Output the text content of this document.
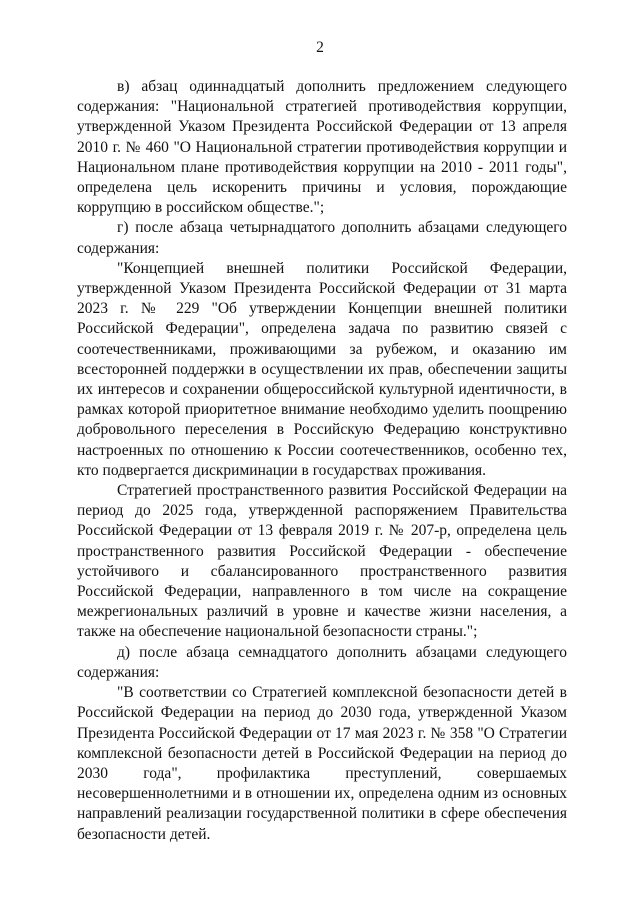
2

в) абзац одиннадцатый дополнить предложением следующего содержания: "Национальной стратегией противодействия коррупции, утвержденной Указом Президента Российской Федерации от 13 апреля 2010 г. № 460 "О Национальной стратегии противодействия коррупции и Национальном плане противодействия коррупции на 2010 - 2011 годы", определена цель искоренить причины и условия, порождающие коррупцию в российском обществе.";

г) после абзаца четырнадцатого дополнить абзацами следующего содержания:

"Концепцией внешней политики Российской Федерации, утвержденной Указом Президента Российской Федерации от 31 марта 2023 г. № 229 "Об утверждении Концепции внешней политики Российской Федерации", определена задача по развитию связей с соотечественниками, проживающими за рубежом, и оказанию им всесторонней поддержки в осуществлении их прав, обеспечении защиты их интересов и сохранении общероссийской культурной идентичности, в рамках которой приоритетное внимание необходимо уделить поощрению добровольного переселения в Российскую Федерацию конструктивно настроенных по отношению к России соотечественников, особенно тех, кто подвергается дискриминации в государствах проживания.

Стратегией пространственного развития Российской Федерации на период до 2025 года, утвержденной распоряжением Правительства Российской Федерации от 13 февраля 2019 г. № 207-р, определена цель пространственного развития Российской Федерации - обеспечение устойчивого и сбалансированного пространственного развития Российской Федерации, направленного в том числе на сокращение межрегиональных различий в уровне и качестве жизни населения, а также на обеспечение национальной безопасности страны.";

д) после абзаца семнадцатого дополнить абзацами следующего содержания:

"В соответствии со Стратегией комплексной безопасности детей в Российской Федерации на период до 2030 года, утвержденной Указом Президента Российской Федерации от 17 мая 2023 г. № 358 "О Стратегии комплексной безопасности детей в Российской Федерации на период до 2030 года", профилактика преступлений, совершаемых несовершеннолетними и в отношении их, определена одним из основных направлений реализации государственной политики в сфере обеспечения безопасности детей.
